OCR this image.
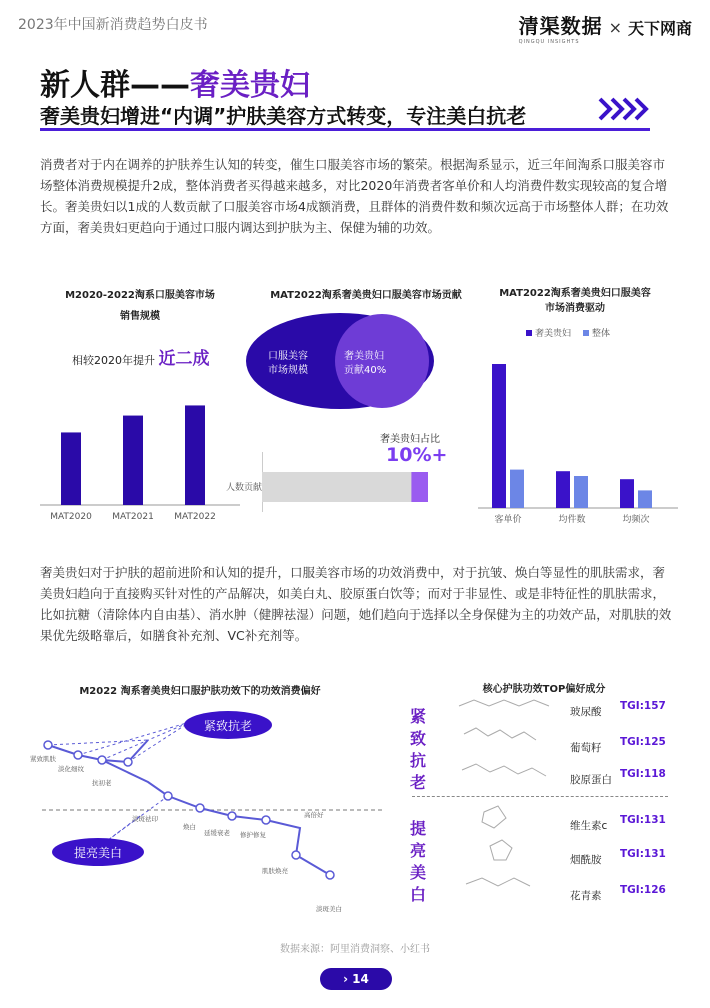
2023年中国新消费趋势白皮书	清渠数据
QINGQU INSIGHTS
× 天下网商
新人群——奢美贵妇
奢美贵妇增进“内调”护肤美容方式转变，专注美白抗老
消费者对于内在调养的护肤养生认知的转变，催生口服美容市场的繁荣。根据淘系显示，近三年间淘系口服美容市场整体消费规模提升2成，整体消费者买得越来越多，对比2020年消费者客单价和人均消费件数实现较高的复合增长。奢美贵妇以1成的人数贡献了口服美容市场4成额消费，且群体的消费件数和频次远高于市场整体人群；在功效方面，奢美贵妇更趋向于通过口服内调达到护肤为主、保健为辅的功效。
M2020-2022淘系口服美容市场
销售规模
相较2020年提升 近二成
MAT2020 MAT2021 MAT2022
MAT2022淘系奢美贵妇口服美容市场贡献
口服美容
市场规模
奢美贵妇
贡献40%
奢美贵妇占比
10%+
人数贡献
MAT2022淘系奢美贵妇口服美容
市场消费驱动
奢美贵妇	整体
客单价	均件数	均频次
奢美贵妇对于护肤的超前进阶和认知的提升，口服美容市场的功效消费中，对于抗皱、焕白等显性的肌肤需求，奢美贵妇趋向于直接购买针对性的产品解决，如美白丸、胶原蛋白饮等；而对于非显性、或是非特征性的肌肤需求，比如抗糖（清除体内自由基）、消水肿（健脾祛湿）问题，她们趋向于选择以全身保健为主的功效产品，对肌肤的效果优先级略靠后，如膳食补充剂、VC补充剂等。
M2022 淘系奢美贵妇口服护肤功效下的功效消费偏好
紧致抗老
提亮美白
紧致肌肤
淡化细纹
抗初老
淡斑祛印
焕白
延缓衰老 修护修复
高倍好
肌肤焕亮
淡斑美白
核心护肤功效TOP偏好成分
紧致抗老
提亮美白
玻尿酸 TGI:157
葡萄籽 TGI:125
胶原蛋白 TGI:118
维生素c TGI:131
烟酰胺 TGI:131
花青素 TGI:126
数据来源：阿里消费洞察、小红书
› 14
